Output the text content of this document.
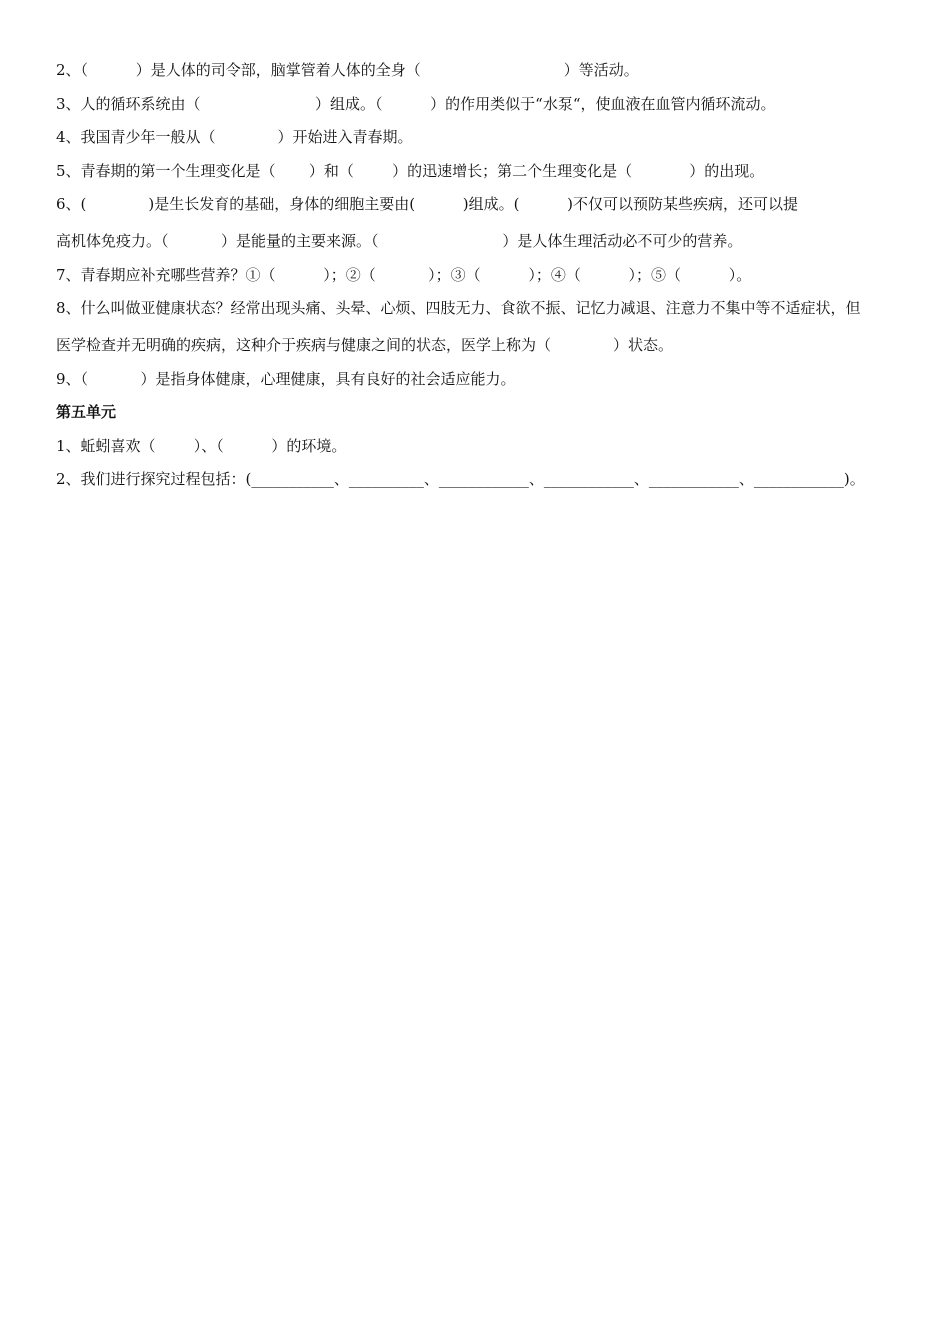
2、（          ）是人体的司令部，脑掌管着人体的全身（                              ）等活动。

3、人的循环系统由（                        ）组成。（          ）的作用类似于“水泵“，使血液在血管内循环流动。

4、我国青少年一般从（             ）开始进入青春期。

5、青春期的第一个生理变化是（       ）和（        ）的迅速增长；第二个生理变化是（            ）的出现。

6、(             )是生长发育的基础，身体的细胞主要由(          )组成。(          )不仅可以预防某些疾病，还可以提

高机体免疫力。（           ）是能量的主要来源。（                          ）是人体生理活动必不可少的营养。

7、青春期应补充哪些营养？①（          ）；②（           ）；③（          ）；④（          ）；⑤（          ）。

8、什么叫做亚健康状态？经常出现头痛、头晕、心烦、四肢无力、食欲不振、记忆力减退、注意力不集中等不适症状，但

医学检查并无明确的疾病，这种介于疾病与健康之间的状态，医学上称为（             ）状态。

9、（           ）是指身体健康，心理健康，具有良好的社会适应能力。

第五单元

1、蚯蚓喜欢（        ）、（          ）的环境。

2、我们进行探究过程包括：(___________、__________、____________、____________、____________、____________)。
